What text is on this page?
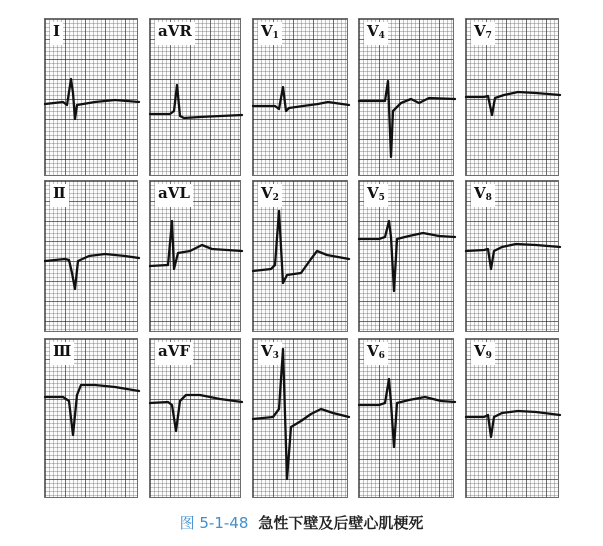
I	aVR	$V_1$	$V_4$	$V_7$
Ⅱ	aVL	$V_2$	$V_5$	$V_8$
Ⅲ	aVF	$V_3$	$V_6$	$V_9$
图 5-1-48 急性下壁及后壁心肌梗死
